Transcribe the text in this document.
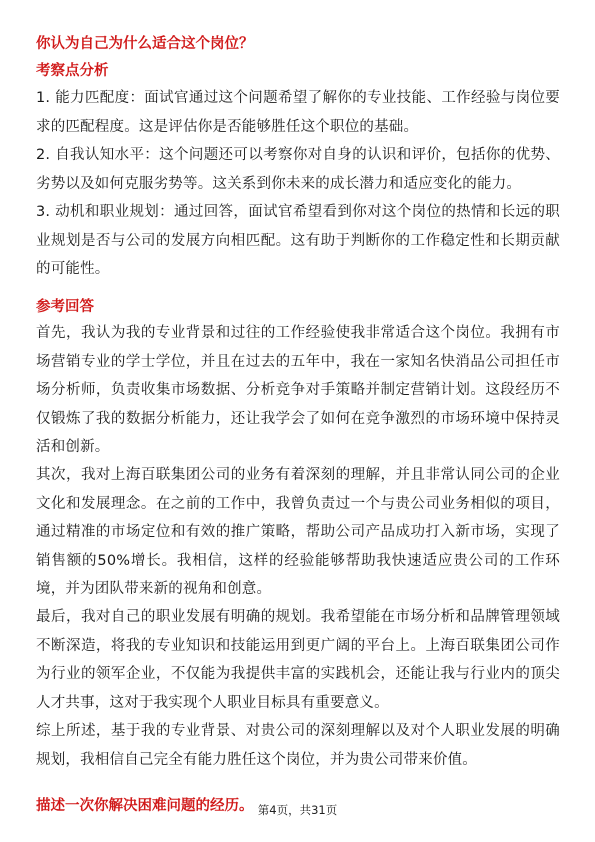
你认为自己为什么适合这个岗位？
考察点分析

1. 能力匹配度：面试官通过这个问题希望了解你的专业技能、工作经验与岗位要求的匹配程度。这是评估你是否能够胜任这个职位的基础。

2. 自我认知水平：这个问题还可以考察你对自身的认识和评价，包括你的优势、劣势以及如何克服劣势等。这关系到你未来的成长潜力和适应变化的能力。

3. 动机和职业规划：通过回答，面试官希望看到你对这个岗位的热情和长远的职业规划是否与公司的发展方向相匹配。这有助于判断你的工作稳定性和长期贡献的可能性。

参考回答

首先，我认为我的专业背景和过往的工作经验使我非常适合这个岗位。我拥有市场营销专业的学士学位，并且在过去的五年中，我在一家知名快消品公司担任市场分析师，负责收集市场数据、分析竞争对手策略并制定营销计划。这段经历不仅锻炼了我的数据分析能力，还让我学会了如何在竞争激烈的市场环境中保持灵活和创新。

其次，我对上海百联集团公司的业务有着深刻的理解，并且非常认同公司的企业文化和发展理念。在之前的工作中，我曾负责过一个与贵公司业务相似的项目，通过精准的市场定位和有效的推广策略，帮助公司产品成功打入新市场，实现了销售额的50%增长。我相信，这样的经验能够帮助我快速适应贵公司的工作环境，并为团队带来新的视角和创意。

最后，我对自己的职业发展有明确的规划。我希望能在市场分析和品牌管理领域不断深造，将我的专业知识和技能运用到更广阔的平台上。上海百联集团公司作为行业的领军企业，不仅能为我提供丰富的实践机会，还能让我与行业内的顶尖人才共事，这对于我实现个人职业目标具有重要意义。

综上所述，基于我的专业背景、对贵公司的深刻理解以及对个人职业发展的明确规划，我相信自己完全有能力胜任这个岗位，并为贵公司带来价值。

描述一次你解决困难问题的经历。 第4页，共31页
